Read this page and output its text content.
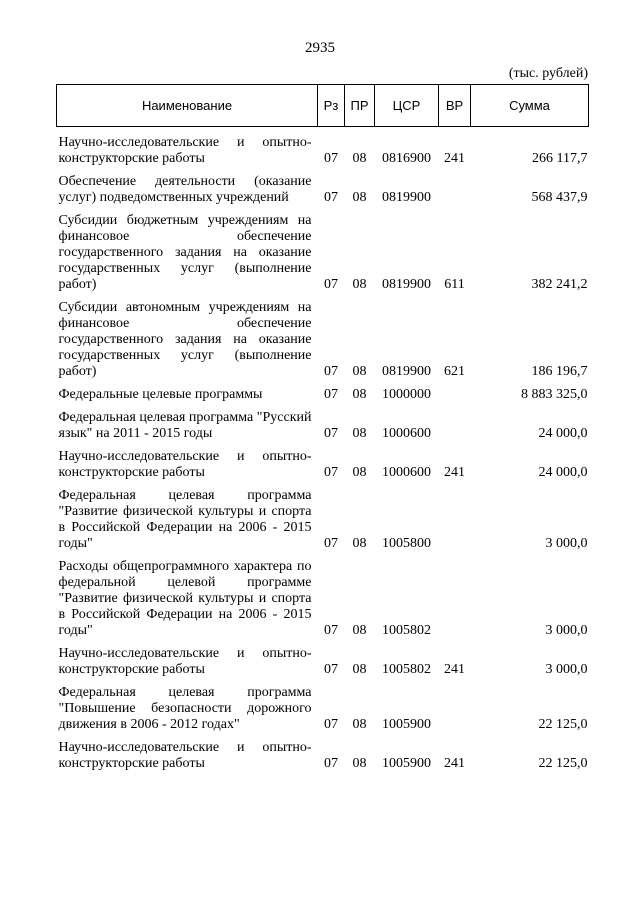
2935
(тыс. рублей)
Наименование	Рз	ПР	ЦСР	ВР	Сумма
Научно-исследовательские и опытно-конструкторские работы	07	08	0816900	241	266 117,7
Обеспечение деятельности (оказание услуг) подведомственных учреждений	07	08	0819900		568 437,9
Субсидии бюджетным учреждениям на финансовое обеспечение государственного задания на оказание государственных услуг (выполнение работ)	07	08	0819900	611	382 241,2
Субсидии автономным учреждениям на финансовое обеспечение государственного задания на оказание государственных услуг (выполнение работ)	07	08	0819900	621	186 196,7
Федеральные целевые программы	07	08	1000000		8 883 325,0
Федеральная целевая программа "Русский язык" на 2011 - 2015 годы	07	08	1000600		24 000,0
Научно-исследовательские и опытно-конструкторские работы	07	08	1000600	241	24 000,0
Федеральная целевая программа "Развитие физической культуры и спорта в Российской Федерации на 2006 - 2015 годы"	07	08	1005800		3 000,0
Расходы общепрограммного характера по федеральной целевой программе "Развитие физической культуры и спорта в Российской Федерации на 2006 - 2015 годы"	07	08	1005802		3 000,0
Научно-исследовательские и опытно-конструкторские работы	07	08	1005802	241	3 000,0
Федеральная целевая программа "Повышение безопасности дорожного движения в 2006 - 2012 годах"	07	08	1005900		22 125,0
Научно-исследовательские и опытно-конструкторские работы	07	08	1005900	241	22 125,0
